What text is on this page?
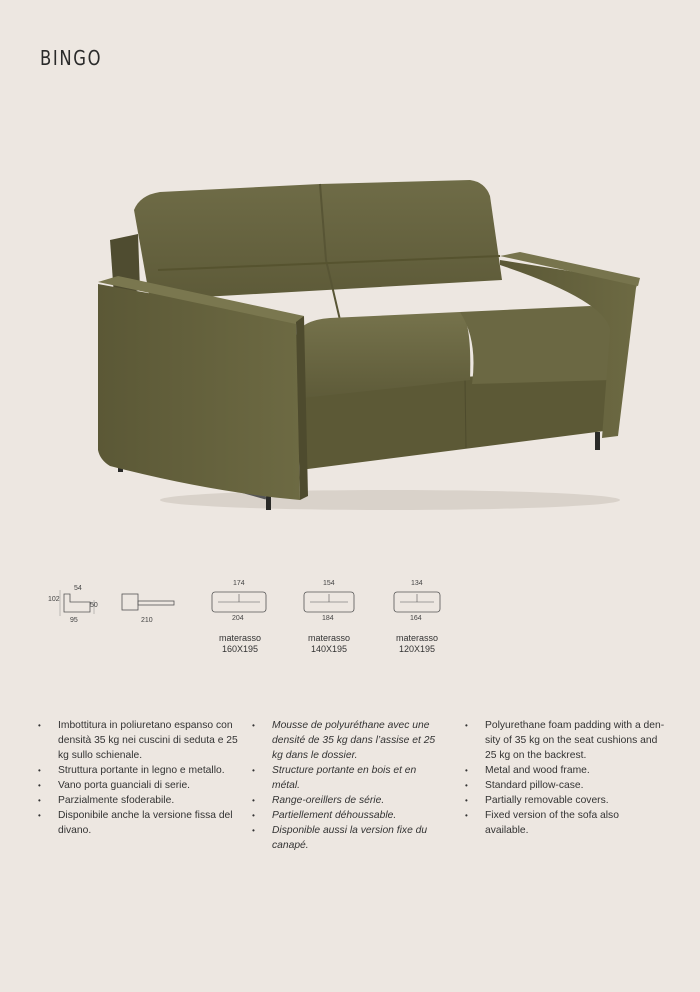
BINGO
54
102
50
95	210
174
204
materasso
160X195
154
184
materasso
140X195
134
164
materasso
120X195
• Imbottitura in poliuretano espanso con densità 35 kg nei cuscini di seduta e 25 kg sullo schienale.
• Struttura portante in legno e metallo.
• Vano porta guanciali di serie.
• Parzialmente sfoderabile.
• Disponibile anche la versione fissa del divano.
• Mousse de polyuréthane avec une densité de 35 kg dans l’assise et 25 kg dans le dossier.
• Structure portante en bois et en métal.
• Range-oreillers de série.
• Partiellement déhoussable.
• Disponible aussi la version fixe du canapé.
• Polyurethane foam padding with a den-sity of 35 kg on the seat cushions and 25 kg on the backrest.
• Metal and wood frame.
• Standard pillow-case.
• Partially removable covers.
• Fixed version of the sofa also available.
